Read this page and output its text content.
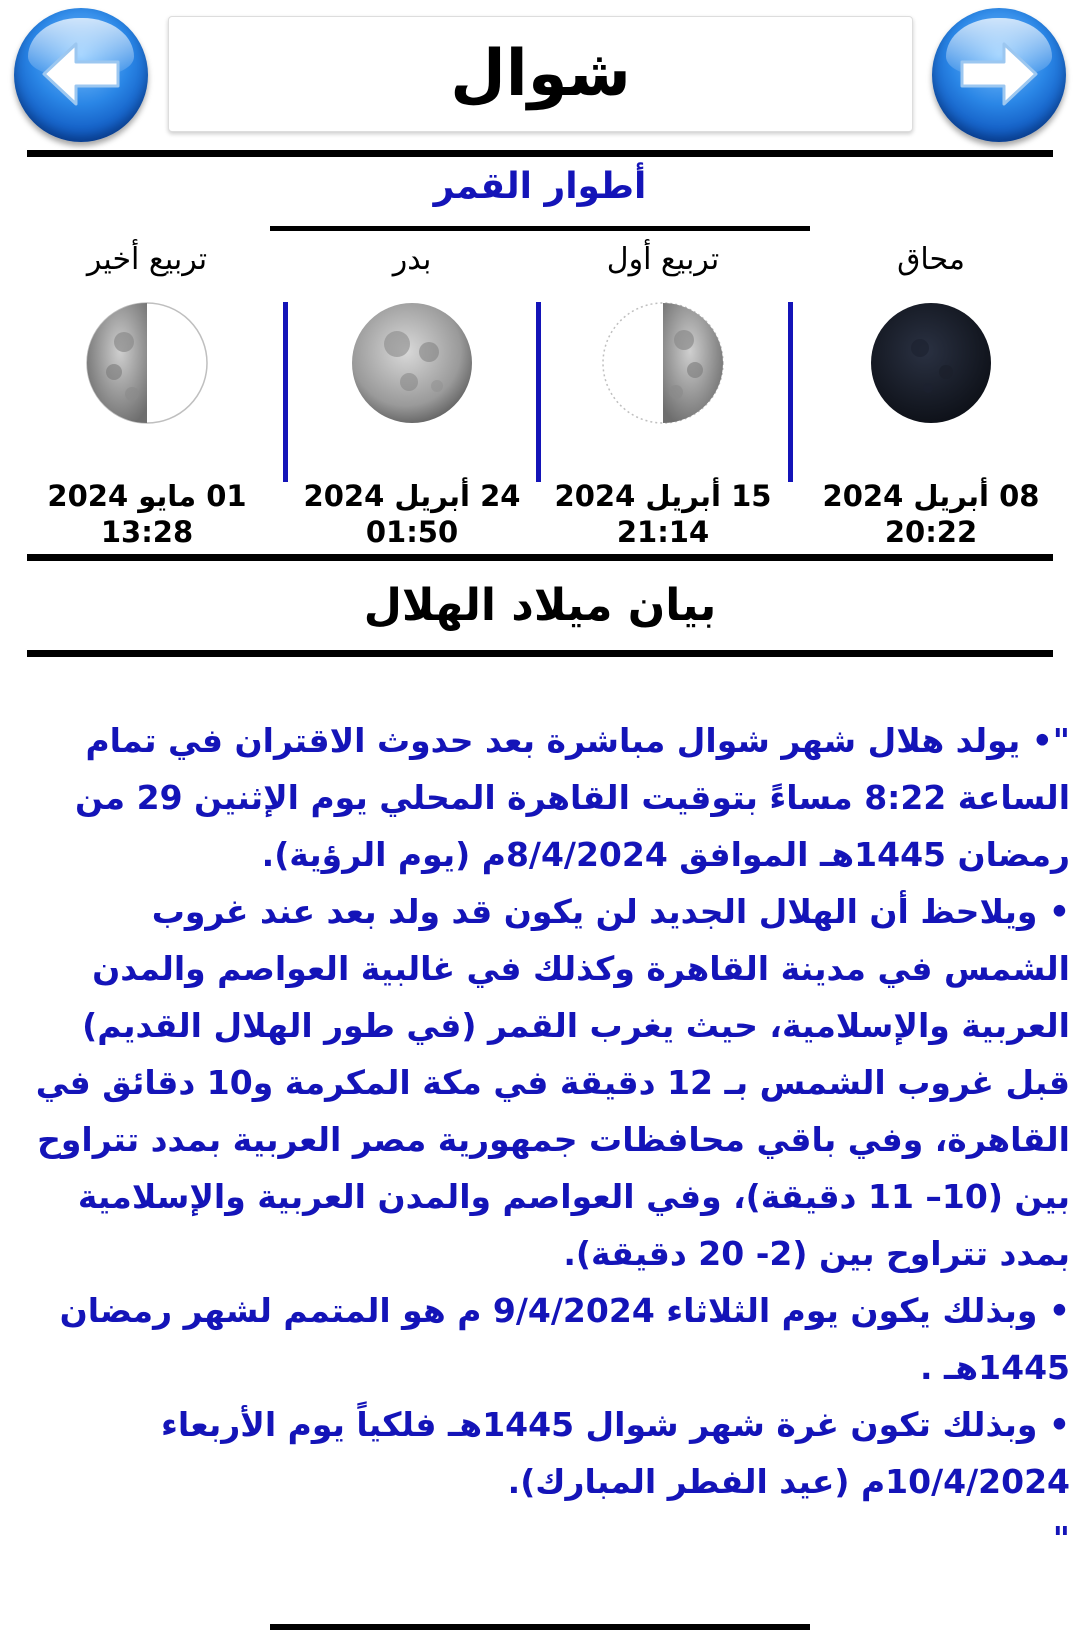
شوال
أطوار القمر
محاق
08 أبريل 2024
20:22
تربيع أول
15 أبريل 2024
21:14
بدر
24 أبريل 2024
01:50
تربيع أخير
01 مايو 2024
13:28
بيان ميلاد الهلال

"• يولد هلال شهر شوال مباشرة بعد حدوث الاقتران في تمام الساعة 8:22 مساءً بتوقيت القاهرة المحلي يوم الإثنين 29 من رمضان 1445هـ الموافق 8/4/2024م (يوم الرؤية).

• ويلاحظ أن الهلال الجديد لن يكون قد ولد بعد عند غروب الشمس في مدينة القاهرة وكذلك في غالبية العواصم والمدن العربية والإسلامية، حيث يغرب القمر (في طور الهلال القديم) قبل غروب الشمس بـ 12 دقيقة في مكة المكرمة و10 دقائق في القاهرة، وفي باقي محافظات جمهورية مصر العربية بمدد تتراوح بين (10– 11 دقيقة)، وفي العواصم والمدن العربية والإسلامية بمدد تتراوح بين (2- 20 دقيقة).

• وبذلك يكون يوم الثلاثاء 9/4/2024 م هو المتمم لشهر رمضان 1445هـ .

• وبذلك تكون غرة شهر شوال 1445هـ فلكياً يوم الأربعاء 10/4/2024م (عيد الفطر المبارك).

"
